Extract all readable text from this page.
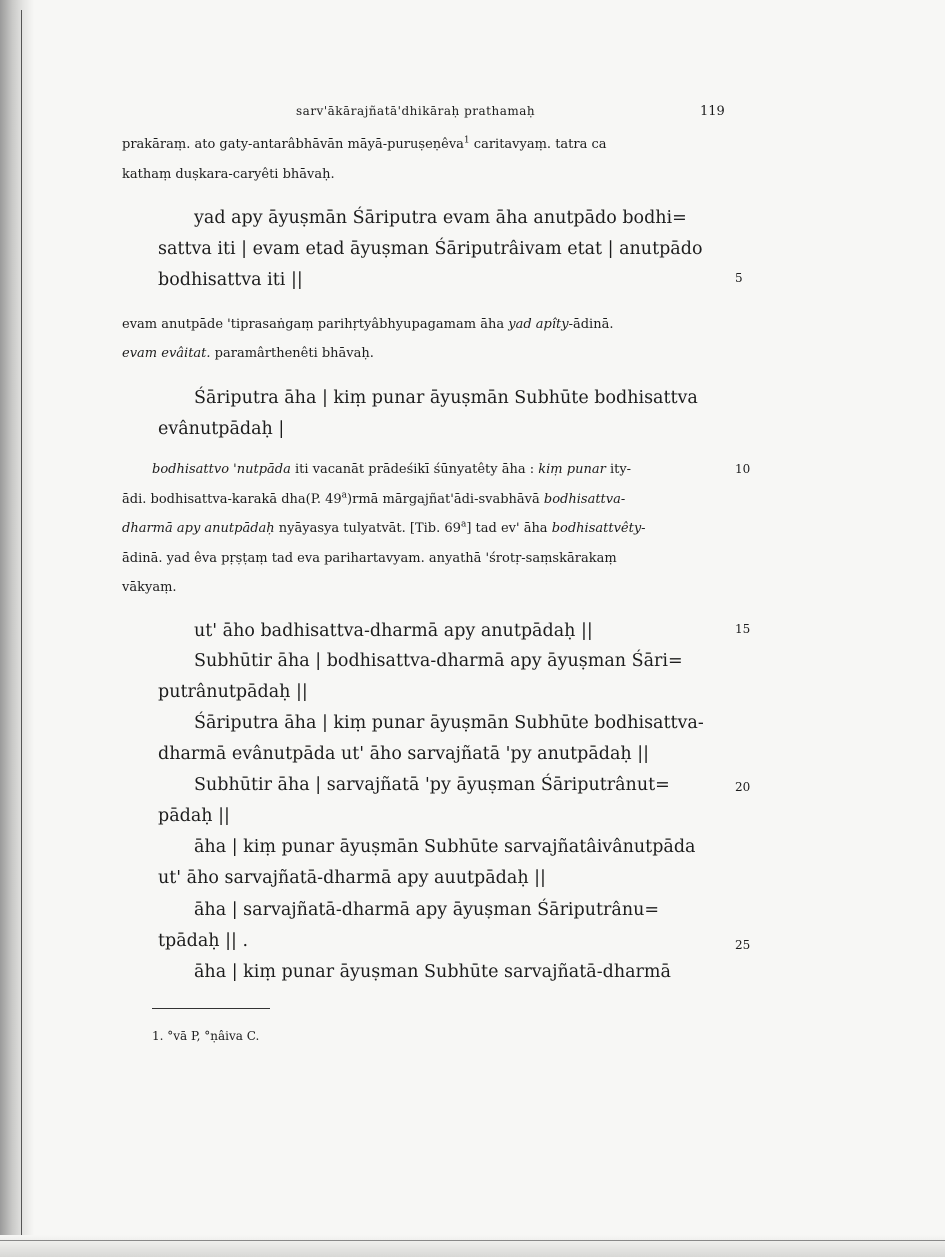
sarv'ākārajñatā'dhikāraḥ prathamaḥ	119
prakāraṃ. ato gaty-antarâbhāvān māyā-puruṣeṇêva$^1$ caritavyaṃ. tatra ca
kathaṃ duṣkara-caryêti bhāvaḥ.
yad apy āyuṣmān Śāriputra evam āha anutpādo bodhi=
sattva iti | evam etad āyuṣman Śāriputrâivam etat | anutpādo
bodhisattva iti ||	5
evam anutpāde 'tiprasaṅgaṃ parihṛtyâbhyupagamam āha yad apîty-ādinā.
evam evâitat. paramârthenêti bhāvaḥ.
Śāriputra āha | kiṃ punar āyuṣmān Subhūte bodhisattva
evânutpādaḥ |
bodhisattvo 'nutpāda iti vacanāt prādeśikī śūnyatêty āha : kiṃ punar ity-	10
ādi. bodhisattva-karakā dha(P. 49$^a$)rmā mārgajñat'ādi-svabhāvā bodhisattva-
dharmā apy anutpādaḥ nyāyasya tulyatvāt. [Tib. 69$^a$] tad ev' āha bodhisattvêty-
ādinā. yad êva pṛṣṭaṃ tad eva parihartavyam. anyathā 'śrotṛ-saṃskārakaṃ
vākyaṃ.
ut' āho badhisattva-dharmā apy anutpādaḥ ||	15
Subhūtir āha | bodhisattva-dharmā apy āyuṣman Śāri=
putrânutpādaḥ ||
Śāriputra āha | kiṃ punar āyuṣmān Subhūte bodhisattva-
dharmā evânutpāda ut' āho sarvajñatā 'py anutpādaḥ ||
Subhūtir āha | sarvajñatā 'py āyuṣman Śāriputrânut=	20
pādaḥ ||
āha | kiṃ punar āyuṣmān Subhūte sarvajñatâivânutpāda
ut' āho sarvajñatā-dharmā apy auutpādaḥ ||
āha | sarvajñatā-dharmā apy āyuṣman Śāriputrânu=
tpādaḥ || .	25
āha | kiṃ punar āyuṣman Subhūte sarvajñatā-dharmā
1. °vā P, °ṇâiva C.
